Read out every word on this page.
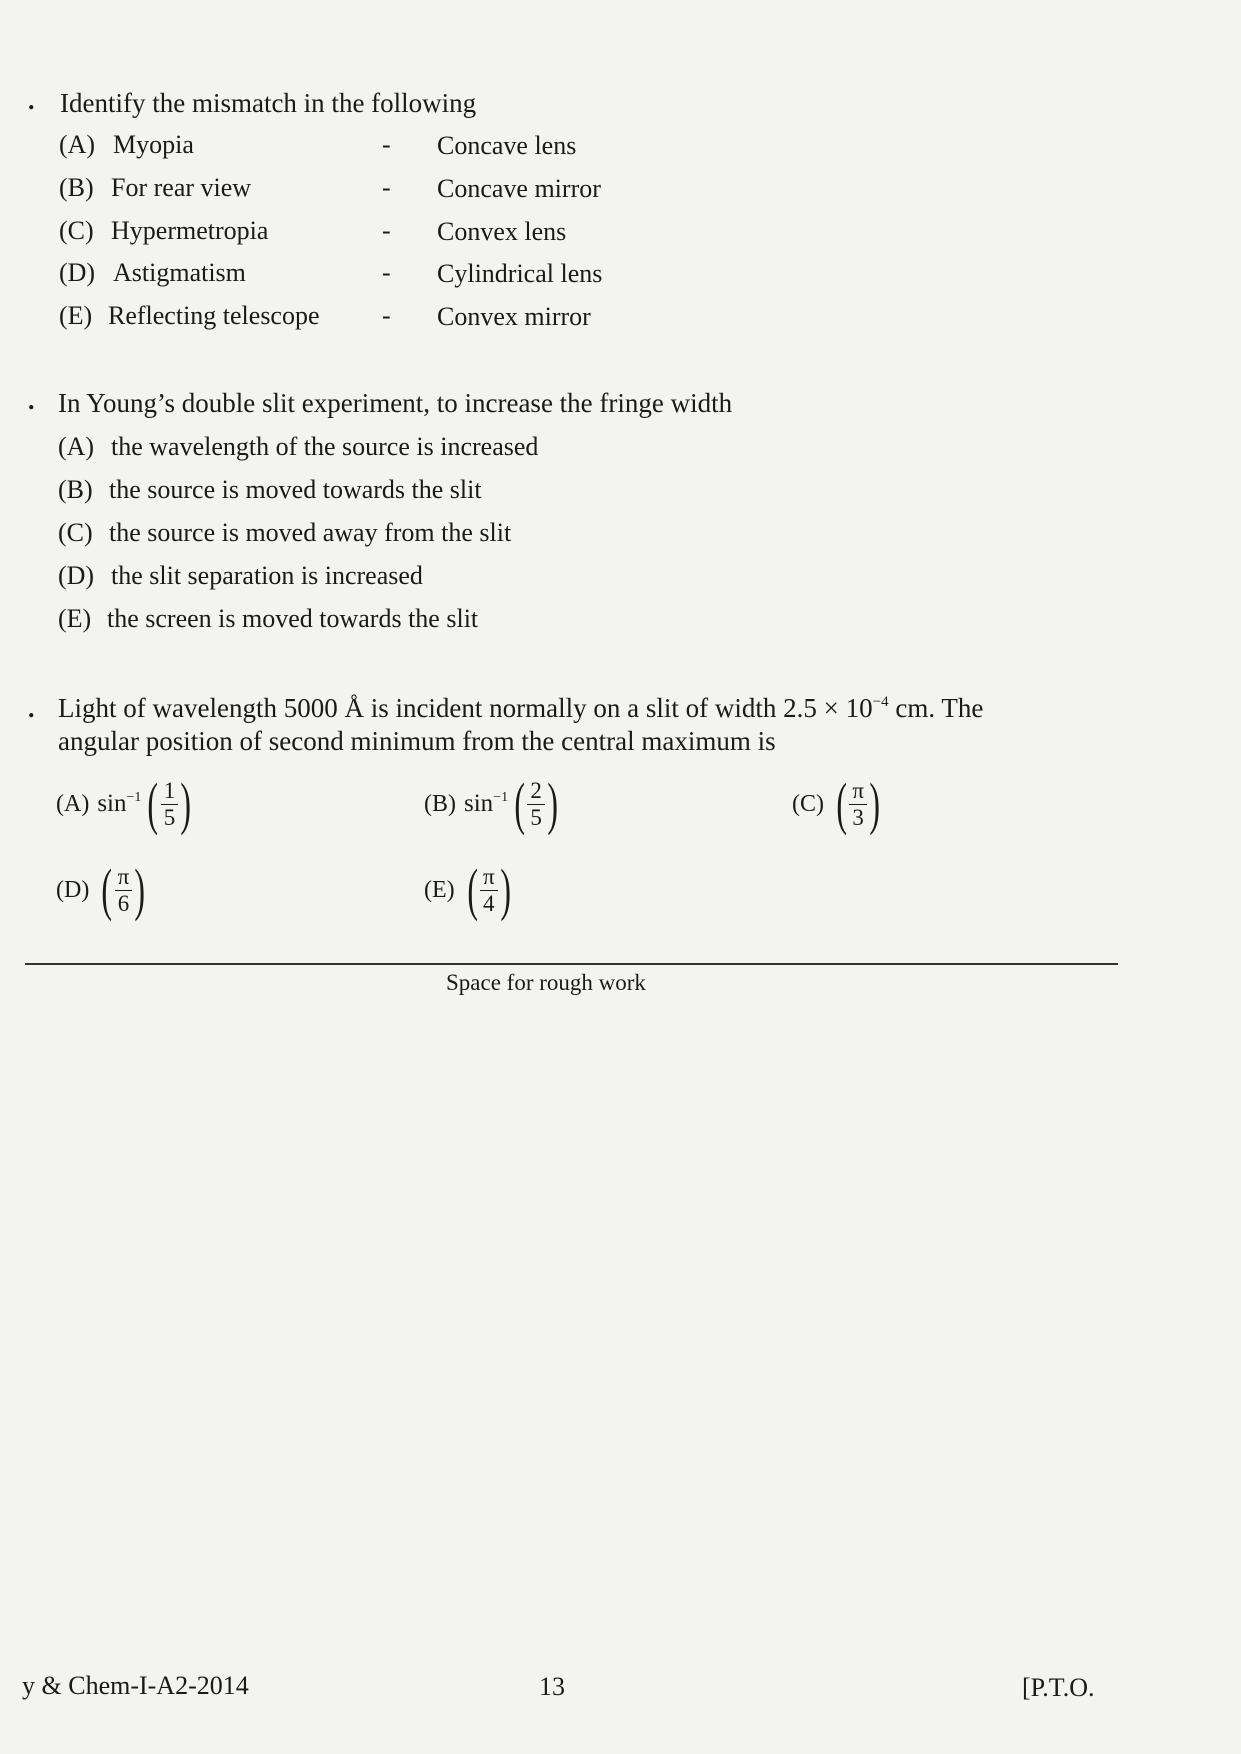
. Identify the mismatch in the following
(A) Myopia	- Concave lens
(B) For rear view	- Concave mirror
(C) Hypermetropia	- Convex lens
(D) Astigmatism	- Cylindrical lens
(E) Reflecting telescope - Convex mirror
. In Young’s double slit experiment, to increase the fringe width
(A) the wavelength of the source is increased
(B) the source is moved towards the slit
(C) the source is moved away from the slit
(D) the slit separation is increased
(E) the screen is moved towards the slit
. Light of wavelength 5000 Å is incident normally on a slit of width $2.5 \times 10^{-4}$ cm. The
angular position of second minimum from the central maximum is
(A) $\sin^{-1}$ ( $\frac{1}{5}$ )	(B) $\sin^{-1}$ ( $\frac{2}{5}$ )	(C) ( $\frac{\pi}{3}$ )
(D) ( $\frac{\pi}{6}$ )	(E) ( $\frac{\pi}{4}$ )
Space for rough work
y & Chem-I-A2-2014	13	[P.T.O.
